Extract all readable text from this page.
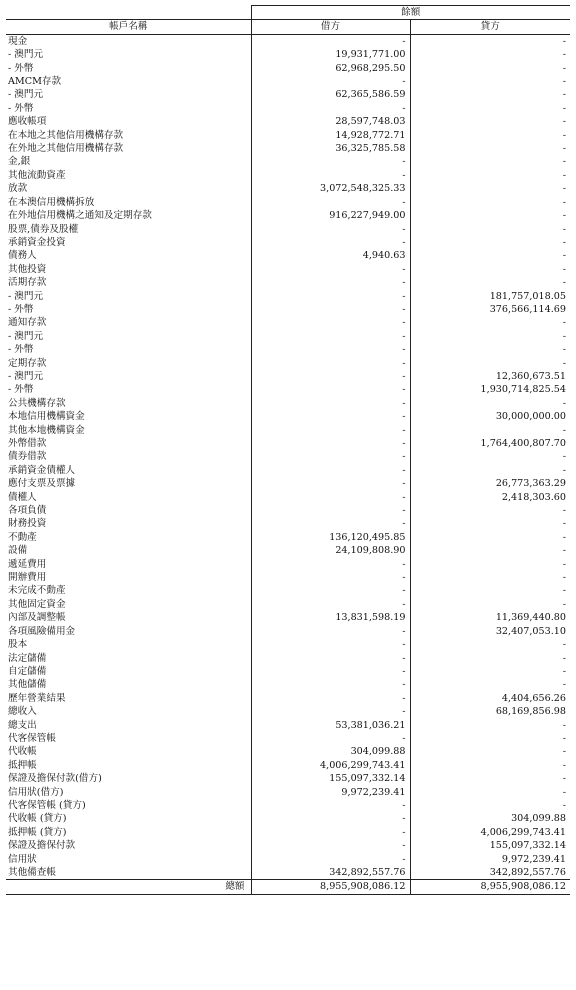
	餘額	
帳戶名稱	借方	貸方
現金	-	-
- 澳門元	19,931,771.00	-
- 外幣	62,968,295.50	-
AMCM存款	-	-
- 澳門元	62,365,586.59	-
- 外幣	-	-
應收帳項	28,597,748.03	-
在本地之其他信用機構存款	14,928,772.71	-
在外地之其他信用機構存款	36,325,785.58	-
金,銀	-	-
其他流動資產	-	-
放款	3,072,548,325.33	-
在本澳信用機構拆放	-	-
在外地信用機構之通知及定期存款	916,227,949.00	-
股票,債券及股權	-	-
承銷資金投資	-	-
債務人	4,940.63	-
其他投資	-	-
活期存款	-	-
- 澳門元	-	181,757,018.05
- 外幣	-	376,566,114.69
通知存款	-	-
- 澳門元	-	-
- 外幣	-	-
定期存款	-	-
- 澳門元	-	12,360,673.51
- 外幣	-	1,930,714,825.54
公共機構存款	-	-
本地信用機構資金	-	30,000,000.00
其他本地機構資金	-	-
外幣借款	-	1,764,400,807.70
債券借款	-	-
承銷資金債權人	-	-
應付支票及票據	-	26,773,363.29
債權人	-	2,418,303.60
各項負債	-	-
財務投資	-	-
不動產	136,120,495.85	-
設備	24,109,808.90	-
遞延費用	-	-
開辦費用	-	-
未完成不動產	-	-
其他固定資金	-	-
內部及調整帳	13,831,598.19	11,369,440.80
各項風險備用金	-	32,407,053.10
股本	-	-
法定儲備	-	-
自定儲備	-	-
其他儲備	-	-
歷年營業結果	-	4,404,656.26
總收入	-	68,169,856.98
總支出	53,381,036.21	-
代客保管帳	-	-
代收帳	304,099.88	-
抵押帳	4,006,299,743.41	-
保證及擔保付款(借方)	155,097,332.14	-
信用狀(借方)	9,972,239.41	-
代客保管帳 (貸方)	-	-
代收帳 (貸方)	-	304,099.88
抵押帳 (貸方)	-	4,006,299,743.41
保證及擔保付款	-	155,097,332.14
信用狀	-	9,972,239.41
其他備查帳	342,892,557.76	342,892,557.76
總額	8,955,908,086.12	8,955,908,086.12
